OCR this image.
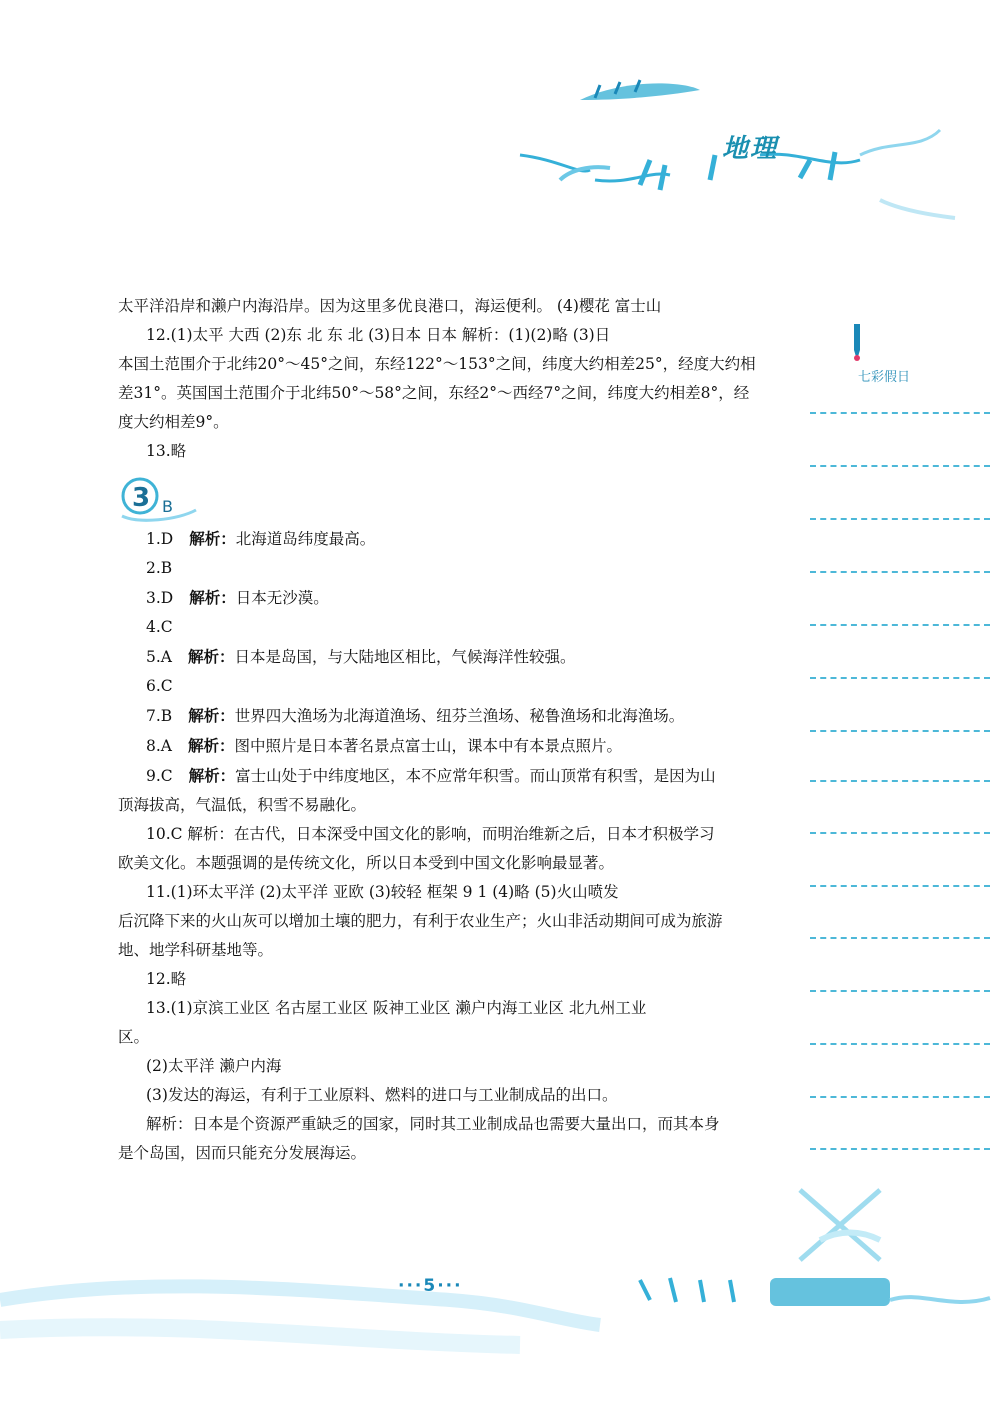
地理
七彩假日
3 B
太平洋沿岸和濑户内海沿岸。因为这里多优良港口，海运便利。 (4)樱花 富士山
12.(1)太平 大西 (2)东 北 东 北 (3)日本 日本 解析：(1)(2)略 (3)日
本国土范围介于北纬20°～45°之间，东经122°～153°之间，纬度大约相差25°，经度大约相
差31°。英国国土范围介于北纬50°～58°之间，东经2°～西经7°之间，纬度大约相差8°，经
度大约相差9°。
13.略
1.D 解析：北海道岛纬度最高。
2.B
3.D 解析：日本无沙漠。
4.C
5.A 解析：日本是岛国，与大陆地区相比，气候海洋性较强。
6.C
7.B 解析：世界四大渔场为北海道渔场、纽芬兰渔场、秘鲁渔场和北海渔场。
8.A 解析：图中照片是日本著名景点富士山，课本中有本景点照片。
9.C 解析：富士山处于中纬度地区，本不应常年积雪。而山顶常有积雪，是因为山
顶海拔高，气温低，积雪不易融化。
10.C 解析：在古代，日本深受中国文化的影响，而明治维新之后，日本才积极学习
欧美文化。本题强调的是传统文化，所以日本受到中国文化影响最显著。
11.(1)环太平洋 (2)太平洋 亚欧 (3)较轻 框架 9 1 (4)略 (5)火山喷发
后沉降下来的火山灰可以增加土壤的肥力，有利于农业生产；火山非活动期间可成为旅游
地、地学科研基地等。
12.略
13.(1)京滨工业区 名古屋工业区 阪神工业区 濑户内海工业区 北九州工业
区。
(2)太平洋 濑户内海
(3)发达的海运，有利于工业原料、燃料的进口与工业制成品的出口。
解析：日本是个资源严重缺乏的国家，同时其工业制成品也需要大量出口，而其本身
是个岛国，因而只能充分发展海运。
···5···
